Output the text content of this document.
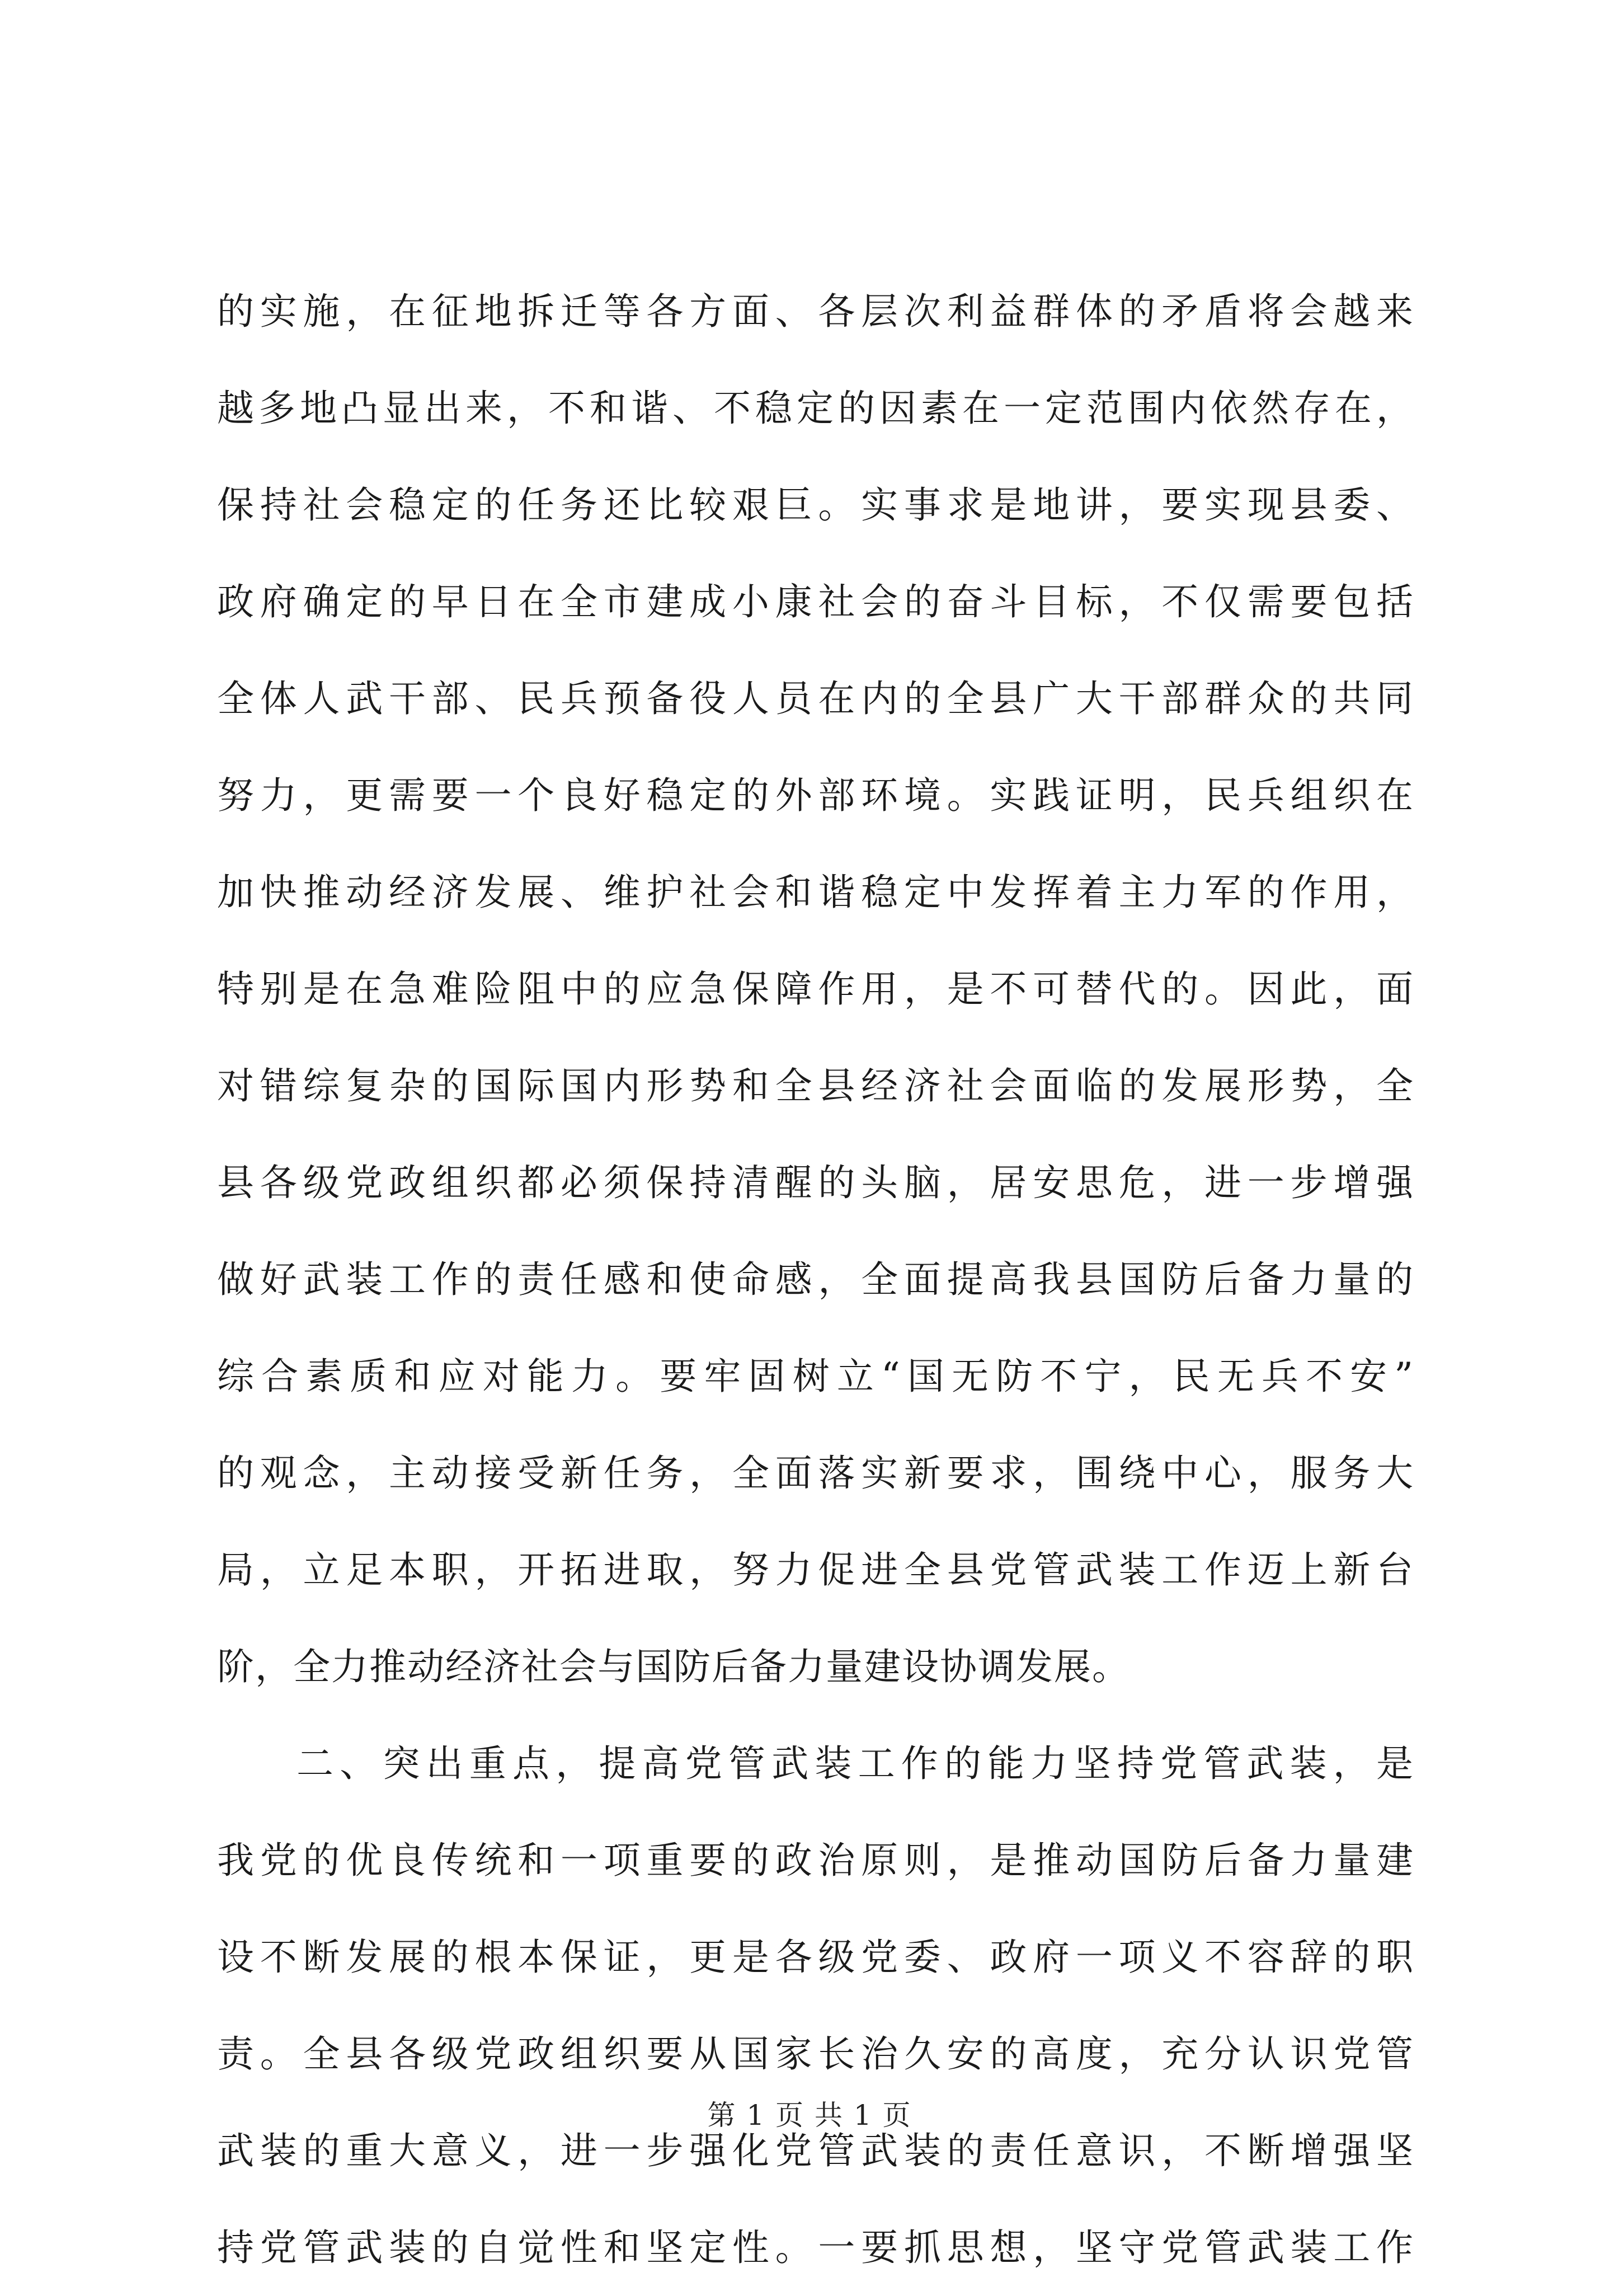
的实施，在征地拆迁等各方面、各层次利益群体的矛盾将会越来
越多地凸显出来，不和谐、不稳定的因素在一定范围内依然存在，
保持社会稳定的任务还比较艰巨。实事求是地讲，要实现县委、
政府确定的早日在全市建成小康社会的奋斗目标，不仅需要包括
全体人武干部、民兵预备役人员在内的全县广大干部群众的共同
努力，更需要一个良好稳定的外部环境。实践证明，民兵组织在
加快推动经济发展、维护社会和谐稳定中发挥着主力军的作用，
特别是在急难险阻中的应急保障作用，是不可替代的。因此，面
对错综复杂的国际国内形势和全县经济社会面临的发展形势，全
县各级党政组织都必须保持清醒的头脑，居安思危，进一步增强
做好武装工作的责任感和使命感，全面提高我县国防后备力量的
综合素质和应对能力。要牢固树立“国无防不宁，民无兵不安”
的观念，主动接受新任务，全面落实新要求，围绕中心，服务大
局，立足本职，开拓进取，努力促进全县党管武装工作迈上新台
阶，全力推动经济社会与国防后备力量建设协调发展。
二、突出重点，提高党管武装工作的能力坚持党管武装，是
我党的优良传统和一项重要的政治原则，是推动国防后备力量建
设不断发展的根本保证，更是各级党委、政府一项义不容辞的职
责。全县各级党政组织要从国家长治久安的高度，充分认识党管
武装的重大意义，进一步强化党管武装的责任意识，不断增强坚
持党管武装的自觉性和坚定性。一要抓思想，坚守党管武装工作
第 1 页 共 1 页
